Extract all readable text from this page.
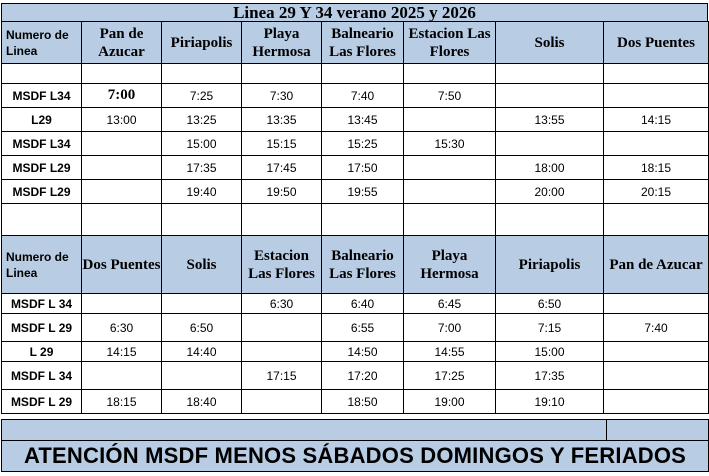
Linea 29 Y 34 verano 2025 y 2026
Numero de Linea	Pan de Azucar	Piriapolis	Playa Hermosa	Balneario Las Flores	Estacion Las Flores	Solis	Dos Puentes

MSDF L34	7:00	7:25	7:30	7:40	7:50		
L29	13:00	13:25	13:35	13:45		13:55	14:15
MSDF L34		15:00	15:15	15:25	15:30		
MSDF L29		17:35	17:45	17:50		18:00	18:15
MSDF L29		19:40	19:50	19:55		20:00	20:15

Numero de Linea	Dos Puentes	Solis	Estacion Las Flores	Balneario Las Flores	Playa Hermosa	Piriapolis	Pan de Azucar
MSDF L 34			6:30	6:40	6:45	6:50	
MSDF L 29	6:30	6:50		6:55	7:00	7:15	7:40
L 29	14:15	14:40		14:50	14:55	15:00	
MSDF L 34			17:15	17:20	17:25	17:35	
MSDF L 29	18:15	18:40		18:50	19:00	19:10	

ATENCIÓN MSDF MENOS SÁBADOS DOMINGOS Y FERIADOS
